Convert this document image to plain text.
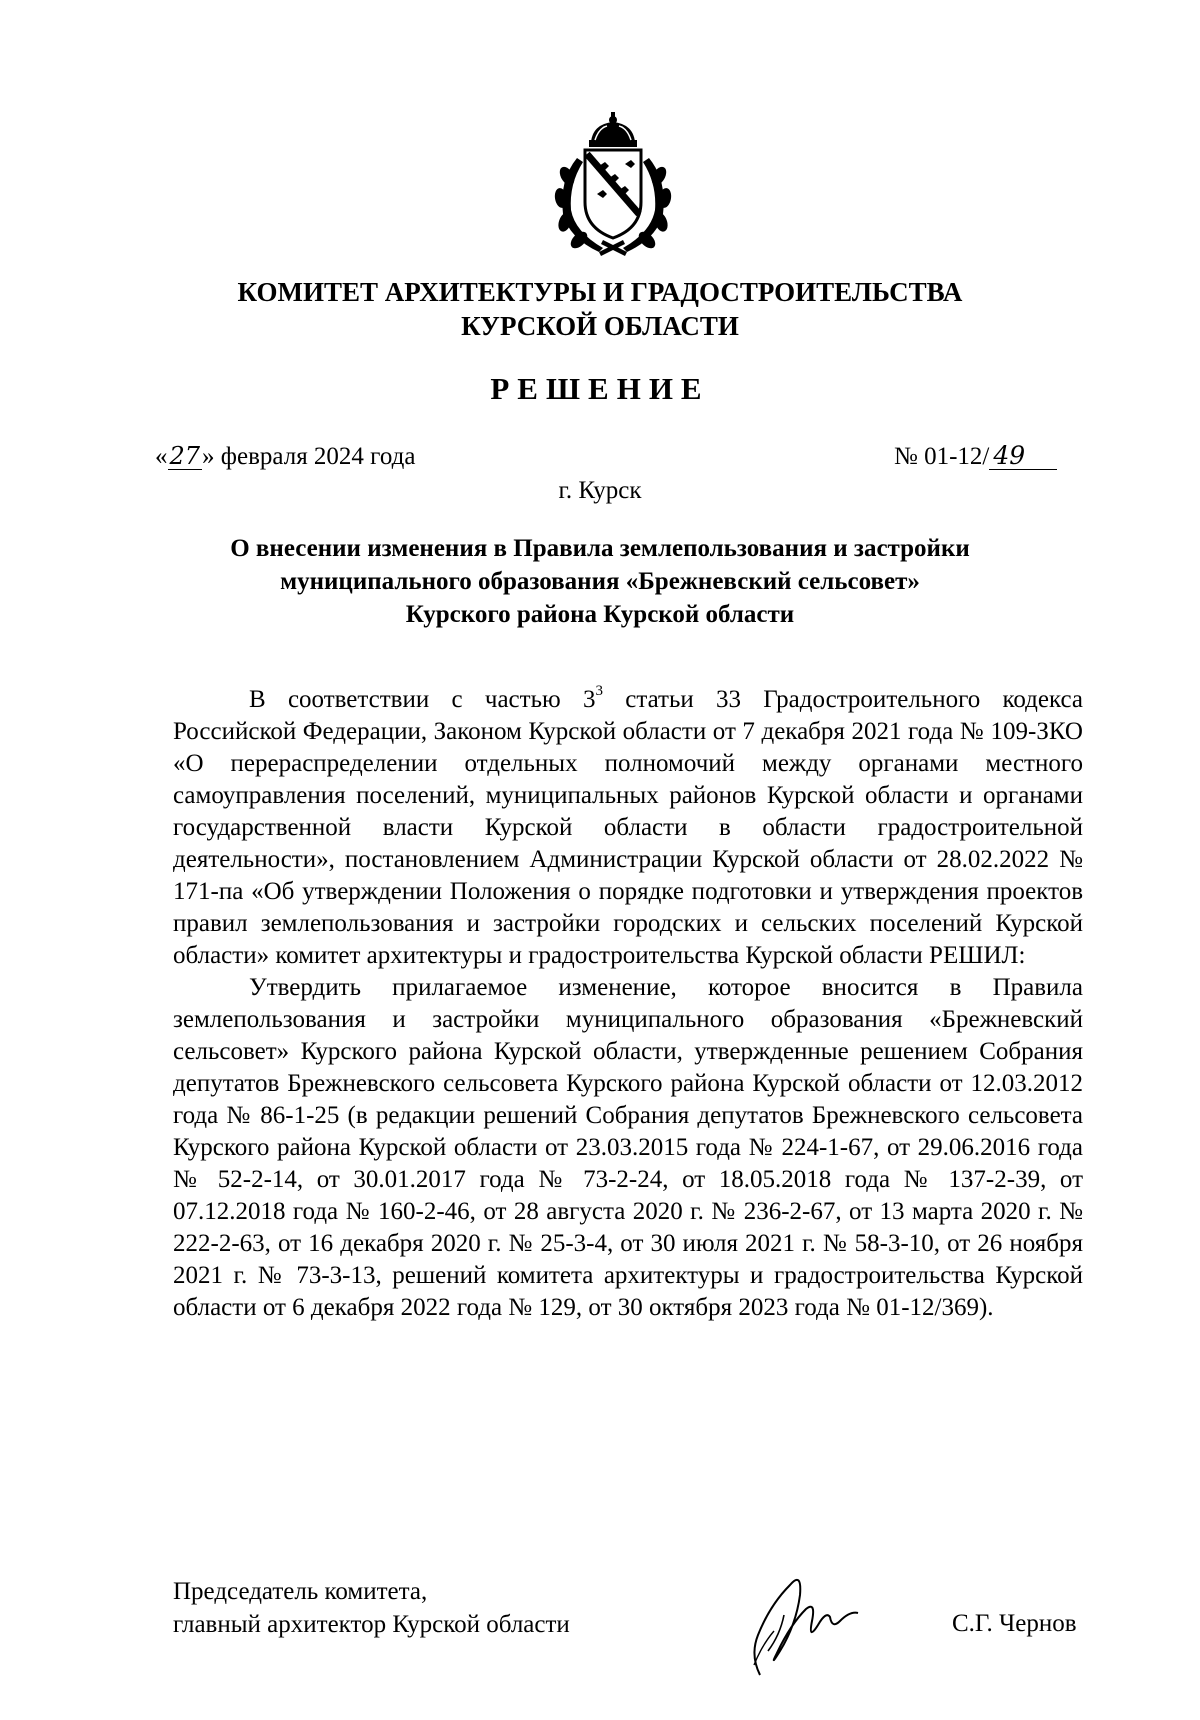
КОМИТЕТ АРХИТЕКТУРЫ И ГРАДОСТРОИТЕЛЬСТВА
КУРСКОЙ ОБЛАСТИ
РЕШЕНИЕ
«27» февраля 2024 года	№ 01-12/ 49
г. Курск
О внесении изменения в Правила землепользования и застройки
муниципального образования «Брежневский сельсовет»
Курского района Курской области

В соответствии с частью $3^3$ статьи 33 Градостроительного кодекса Российской Федерации, Законом Курской области от 7 декабря 2021 года № 109-ЗКО «О перераспределении отдельных полномочий между органами местного самоуправления поселений, муниципальных районов Курской области и органами государственной власти Курской области в области градостроительной деятельности», постановлением Администрации Курской области от 28.02.2022 № 171-па «Об утверждении Положения о порядке подготовки и утверждения проектов правил землепользования и застройки городских и сельских поселений Курской области» комитет архитектуры и градостроительства Курской области РЕШИЛ:

Утвердить прилагаемое изменение, которое вносится в Правила землепользования и застройки муниципального образования «Брежневский сельсовет» Курского района Курской области, утвержденные решением Собрания депутатов Брежневского сельсовета Курского района Курской области от 12.03.2012 года № 86-1-25 (в редакции решений Собрания депутатов Брежневского сельсовета Курского района Курской области от 23.03.2015 года № 224-1-67, от 29.06.2016 года № 52-2-14, от 30.01.2017 года № 73-2-24, от 18.05.2018 года № 137-2-39, от 07.12.2018 года № 160-2-46, от 28 августа 2020 г. № 236-2-67, от 13 марта 2020 г. № 222-2-63, от 16 декабря 2020 г. № 25-3-4, от 30 июля 2021 г. № 58-3-10, от 26 ноября 2021 г. № 73-3-13, решений комитета архитектуры и градостроительства Курской области от 6 декабря 2022 года № 129, от 30 октября 2023 года № 01-12/369).

Председатель комитета,
главный архитектор Курской области	С.Г. Чернов
